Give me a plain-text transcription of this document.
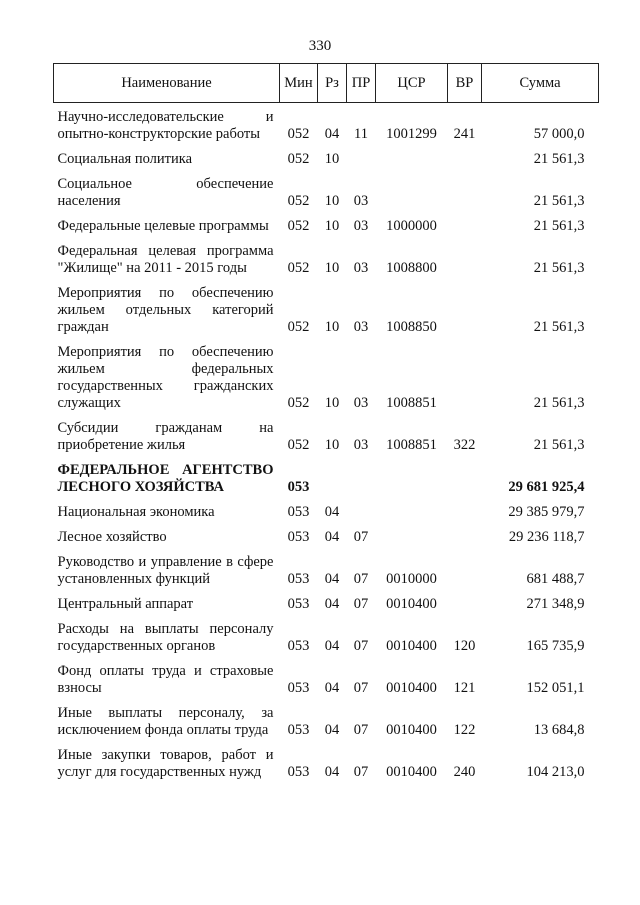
330
Наименование	Мин	Рз	ПР	ЦСР	ВР	Сумма
Научно-исследовательские и опытно-конструкторские работы	052	04	11	1001299	241	57 000,0
Социальная политика	052	10				21 561,3
Социальное обеспечение населения	052	10	03			21 561,3
Федеральные целевые программы	052	10	03	1000000		21 561,3
Федеральная целевая программа "Жилище" на 2011 - 2015 годы	052	10	03	1008800		21 561,3
Мероприятия по обеспечению жильем отдельных категорий граждан	052	10	03	1008850		21 561,3
Мероприятия по обеспечению жильем федеральных государственных гражданских служащих	052	10	03	1008851		21 561,3
Субсидии гражданам на приобретение жилья	052	10	03	1008851	322	21 561,3
ФЕДЕРАЛЬНОЕ АГЕНТСТВО ЛЕСНОГО ХОЗЯЙСТВА	053					29 681 925,4
Национальная экономика	053	04				29 385 979,7
Лесное хозяйство	053	04	07			29 236 118,7
Руководство и управление в сфере установленных функций	053	04	07	0010000		681 488,7
Центральный аппарат	053	04	07	0010400		271 348,9
Расходы на выплаты персоналу государственных органов	053	04	07	0010400	120	165 735,9
Фонд оплаты труда и страховые взносы	053	04	07	0010400	121	152 051,1
Иные выплаты персоналу, за исключением фонда оплаты труда	053	04	07	0010400	122	13 684,8
Иные закупки товаров, работ и услуг для государственных нужд	053	04	07	0010400	240	104 213,0
